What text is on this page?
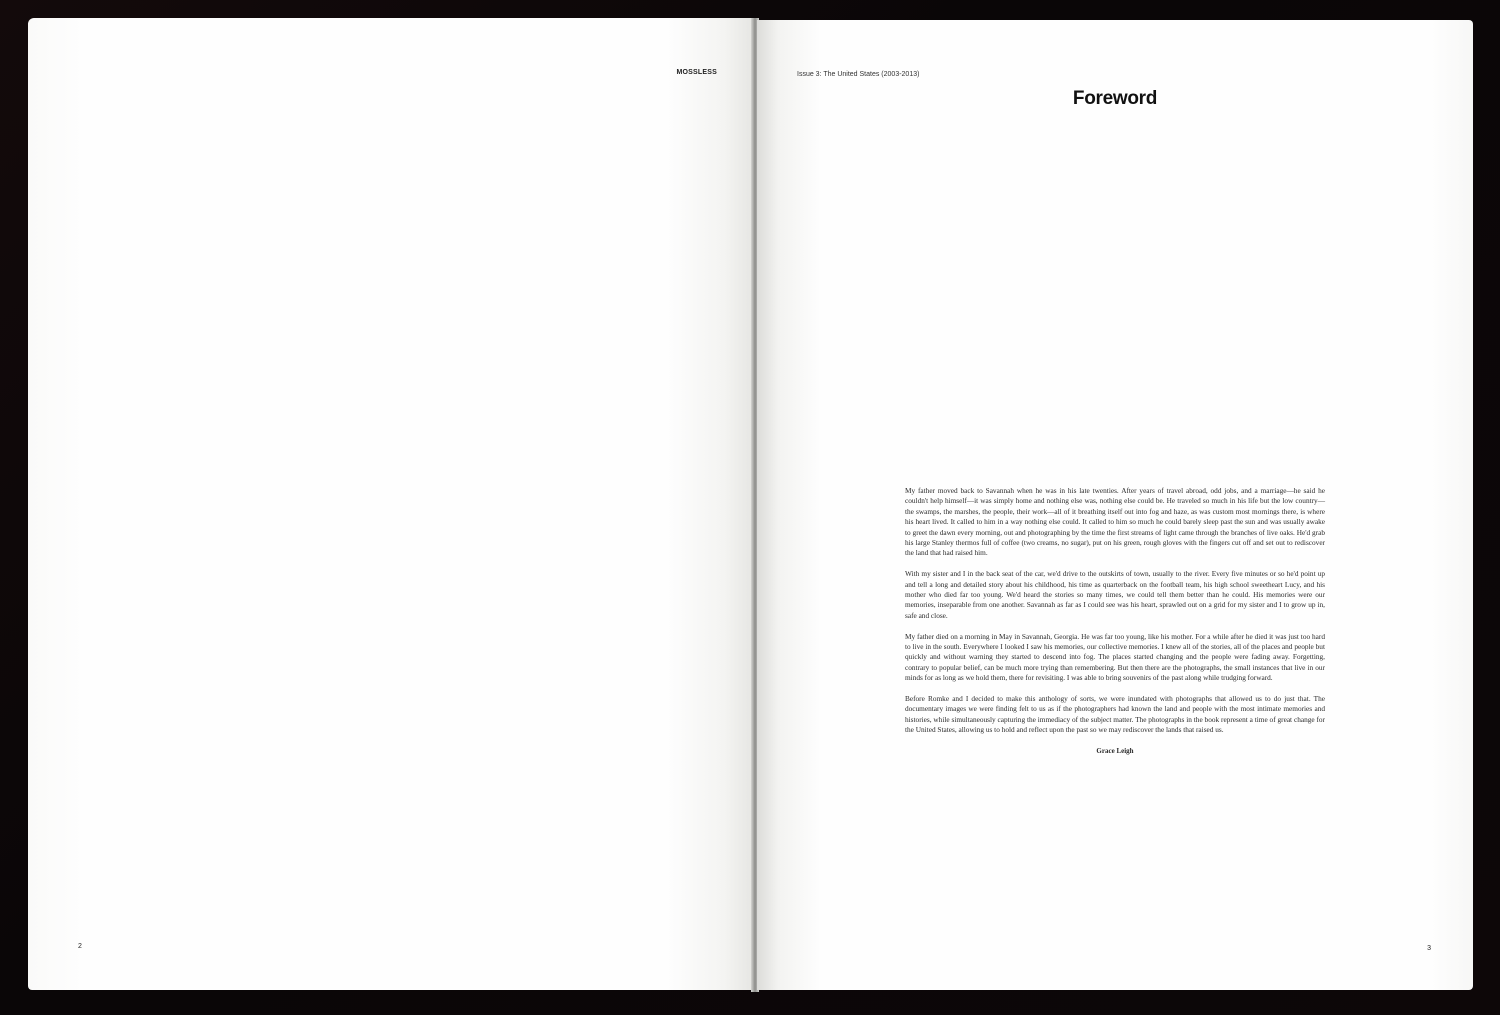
MOSSLESS
2
Issue 3: The United States (2003-2013)
Foreword

My father moved back to Savannah when he was in his late twenties. After years of travel abroad, odd jobs, and a marriage—he said he couldn't help himself—it was simply home and nothing else was, nothing else could be. He traveled so much in his life but the low country—the swamps, the marshes, the people, their work—all of it breathing itself out into fog and haze, as was custom most mornings there, is where his heart lived. It called to him in a way nothing else could. It called to him so much he could barely sleep past the sun and was usually awake to greet the dawn every morning, out and photographing by the time the first streams of light came through the branches of live oaks. He'd grab his large Stanley thermos full of coffee (two creams, no sugar), put on his green, rough gloves with the fingers cut off and set out to rediscover the land that had raised him.

With my sister and I in the back seat of the car, we'd drive to the outskirts of town, usually to the river. Every five minutes or so he'd point up and tell a long and detailed story about his childhood, his time as quarterback on the football team, his high school sweetheart Lucy, and his mother who died far too young. We'd heard the stories so many times, we could tell them better than he could. His memories were our memories, inseparable from one another. Savannah as far as I could see was his heart, sprawled out on a grid for my sister and I to grow up in, safe and close.

My father died on a morning in May in Savannah, Georgia. He was far too young, like his mother. For a while after he died it was just too hard to live in the south. Everywhere I looked I saw his memories, our collective memories. I knew all of the stories, all of the places and people but quickly and without warning they started to descend into fog. The places started changing and the people were fading away. Forgetting, contrary to popular belief, can be much more trying than remembering. But then there are the photographs, the small instances that live in our minds for as long as we hold them, there for revisiting. I was able to bring souvenirs of the past along while trudging forward.

Before Romke and I decided to make this anthology of sorts, we were inundated with photographs that allowed us to do just that. The documentary images we were finding felt to us as if the photographers had known the land and people with the most intimate memories and histories, while simultaneously capturing the immediacy of the subject matter. The photographs in the book represent a time of great change for the United States, allowing us to hold and reflect upon the past so we may rediscover the lands that raised us.

Grace Leigh
3
